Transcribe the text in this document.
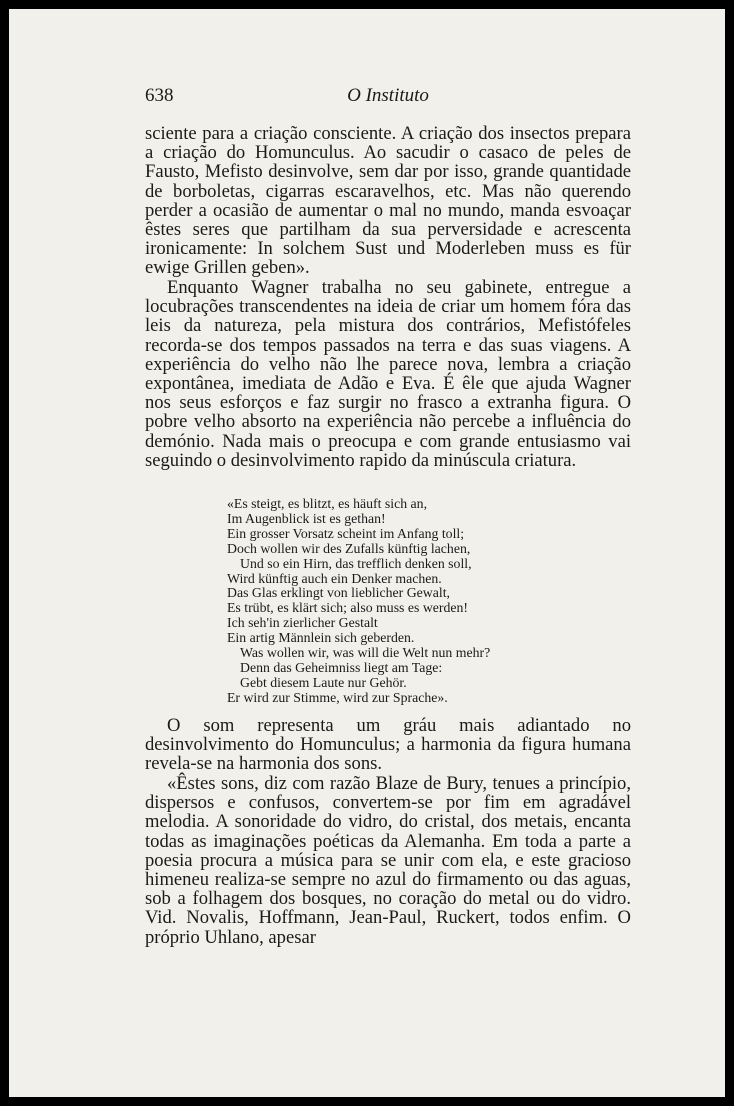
638	O Instituto

sciente para a criação consciente. A criação dos insectos prepara a criação do Homunculus. Ao sacudir o casaco de peles de Fausto, Mefisto desinvolve, sem dar por isso, grande quantidade de borboletas, cigarras escaravelhos, etc. Mas não querendo perder a ocasião de aumentar o mal no mundo, manda esvoaçar êstes seres que partilham da sua perversidade e acrescenta ironicamente: In solchem Sust und Moderleben muss es für ewige Grillen geben».

Enquanto Wagner trabalha no seu gabinete, entregue a locubrações transcendentes na ideia de criar um homem fóra das leis da natureza, pela mistura dos contrários, Mefistófeles recorda-se dos tempos passados na terra e das suas viagens. A experiência do velho não lhe parece nova, lembra a criação expontânea, imediata de Adão e Eva. É êle que ajuda Wagner nos seus esforços e faz surgir no frasco a extranha figura. O pobre velho absorto na experiência não percebe a influência do demónio. Nada mais o preocupa e com grande entusiasmo vai seguindo o desinvolvimento rapido da minúscula criatura.

«Es steigt, es blitzt, es häuft sich an,
Im Augenblick ist es gethan!
Ein grosser Vorsatz scheint im Anfang toll;
Doch wollen wir des Zufalls künftig lachen,
Und so ein Hirn, das trefflich denken soll,
Wird künftig auch ein Denker machen.
Das Glas erklingt von lieblicher Gewalt,
Es trübt, es klärt sich; also muss es werden!
Ich seh'in zierlicher Gestalt
Ein artig Männlein sich geberden.
Was wollen wir, was will die Welt nun mehr?
Denn das Geheimniss liegt am Tage:
Gebt diesem Laute nur Gehör.
Er wird zur Stimme, wird zur Sprache».

O som representa um gráu mais adiantado no desinvolvimento do Homunculus; a harmonia da figura humana revela-se na harmonia dos sons.

«Êstes sons, diz com razão Blaze de Bury, tenues a princípio, dispersos e confusos, convertem-se por fim em agradável melodia. A sonoridade do vidro, do cristal, dos metais, encanta todas as imaginações poéticas da Alemanha. Em toda a parte a poesia procura a música para se unir com ela, e este gracioso himeneu realiza-se sempre no azul do firmamento ou das aguas, sob a folhagem dos bosques, no coração do metal ou do vidro. Vid. Novalis, Hoffmann, Jean-Paul, Ruckert, todos enfim. O próprio Uhlano, apesar
